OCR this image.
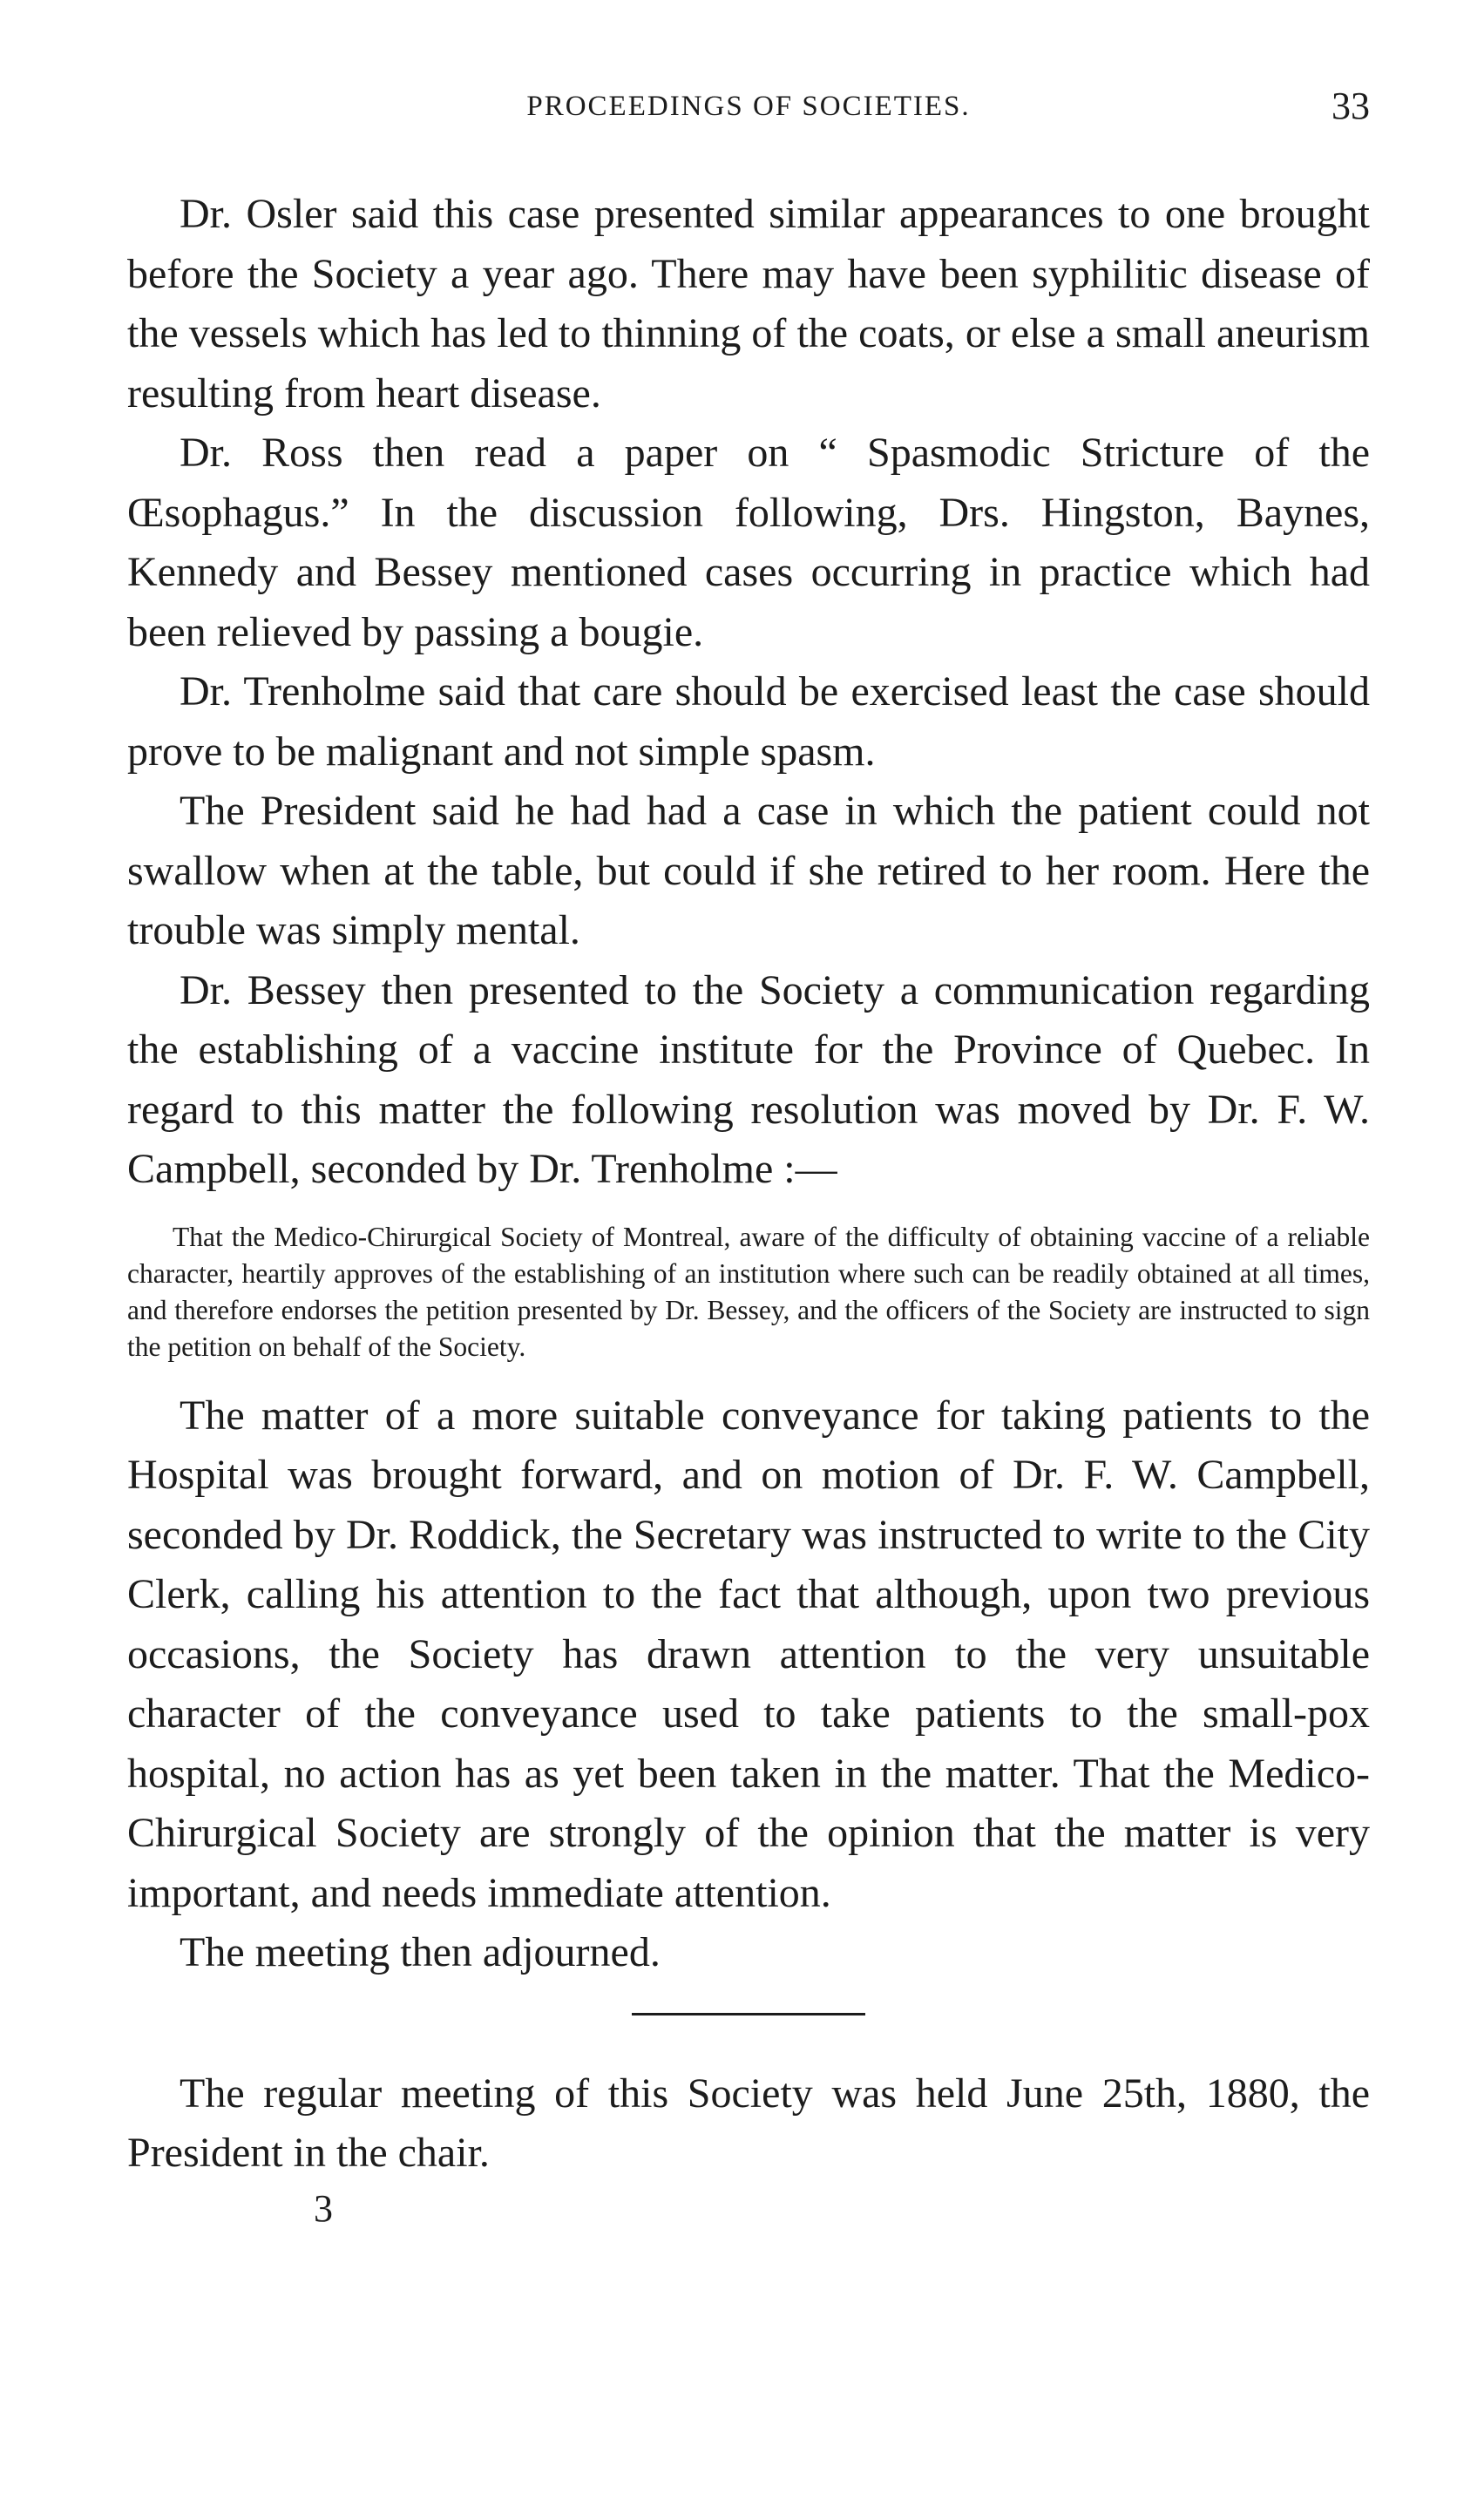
PROCEEDINGS OF SOCIETIES.	33

Dr. Osler said this case presented similar appearances to one brought before the Society a year ago. There may have been syphilitic disease of the vessels which has led to thinning of the coats, or else a small aneurism resulting from heart disease.

Dr. Ross then read a paper on “ Spasmodic Stricture of the Œsophagus.” In the discussion following, Drs. Hingston, Baynes, Kennedy and Bessey mentioned cases occurring in practice which had been relieved by passing a bougie.

Dr. Trenholme said that care should be exercised least the case should prove to be malignant and not simple spasm.

The President said he had had a case in which the patient could not swallow when at the table, but could if she retired to her room. Here the trouble was simply mental.

Dr. Bessey then presented to the Society a communication regarding the establishing of a vaccine institute for the Province of Quebec. In regard to this matter the following resolution was moved by Dr. F. W. Campbell, seconded by Dr. Trenholme :—

That the Medico-Chirurgical Society of Montreal, aware of the difficulty of obtaining vaccine of a reliable character, heartily approves of the establishing of an institution where such can be readily obtained at all times, and therefore endorses the petition presented by Dr. Bessey, and the officers of the Society are instructed to sign the petition on behalf of the Society.

The matter of a more suitable conveyance for taking patients to the Hospital was brought forward, and on motion of Dr. F. W. Campbell, seconded by Dr. Roddick, the Secretary was instructed to write to the City Clerk, calling his attention to the fact that although, upon two previous occasions, the Society has drawn attention to the very unsuitable character of the conveyance used to take patients to the small-pox hospital, no action has as yet been taken in the matter. That the Medico-Chirurgical Society are strongly of the opinion that the matter is very important, and needs immediate attention.

The meeting then adjourned.

The regular meeting of this Society was held June 25th, 1880, the President in the chair.

3
